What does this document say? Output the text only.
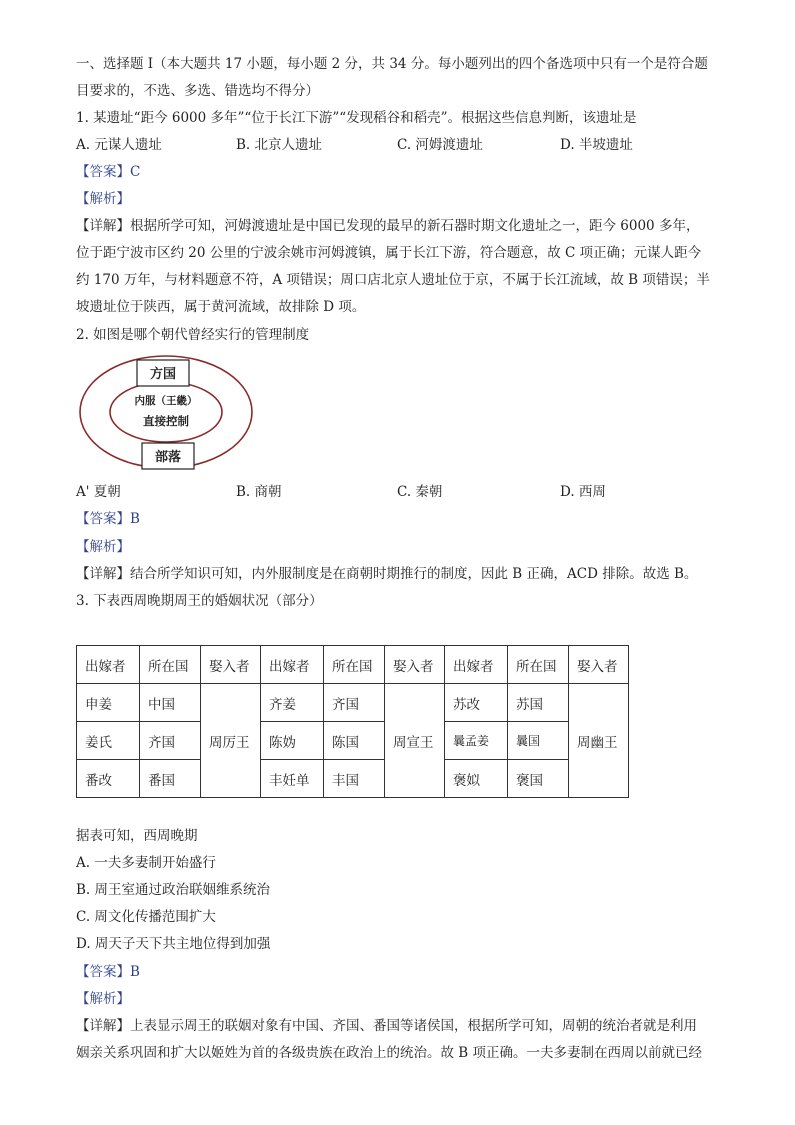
一、选择题 I（本大题共 17 小题，每小题 2 分，共 34 分。每小题列出的四个备选项中只有一个是符合题
目要求的，不选、多选、错选均不得分）
1. 某遗址“距今 6000 多年”“位于长江下游”“发现稻谷和稻壳”。根据这些信息判断，该遗址是
A. 元谋人遗址	B. 北京人遗址	C. 河姆渡遗址	D. 半坡遗址
【答案】C
【解析】
【详解】根据所学可知，河姆渡遗址是中国已发现的最早的新石器时期文化遗址之一，距今 6000 多年，
位于距宁波市区约 20 公里的宁波余姚市河姆渡镇，属于长江下游，符合题意，故 C 项正确；元谋人距今
约 170 万年，与材料题意不符，A 项错误；周口店北京人遗址位于京，不属于长江流域，故 B 项错误；半
坡遗址位于陕西，属于黄河流域，故排除 D 项。
2. 如图是哪个朝代曾经实行的管理制度
方国
内服（王畿）
直接控制
部落
A' 夏朝	B. 商朝	C. 秦朝	D. 西周
【答案】B
【解析】
【详解】结合所学知识可知，内外服制度是在商朝时期推行的制度，因此 B 正确，ACD 排除。故选 B。
3. 下表西周晚期周王的婚姻状况（部分）
出嫁者	所在国	娶入者	出嫁者	所在国	娶入者	出嫁者	所在国	娶入者
申姜	中国	周厉王	齐姜	齐国	周宣王	苏改	苏国	周幽王
姜氏	齐国		陈妫	陈国		曩孟姜	曩国	
番改	番国		丰妊单	丰国		褒姒	褒国	
据表可知，西周晚期
A. 一夫多妻制开始盛行
B. 周王室通过政治联姻维系统治
C. 周文化传播范围扩大
D. 周天子天下共主地位得到加强
【答案】B
【解析】
【详解】上表显示周王的联姻对象有中国、齐国、番国等诸侯国，根据所学可知，周朝的统治者就是利用
姻亲关系巩固和扩大以姬姓为首的各级贵族在政治上的统治。故 B 项正确。一夫多妻制在西周以前就已经
